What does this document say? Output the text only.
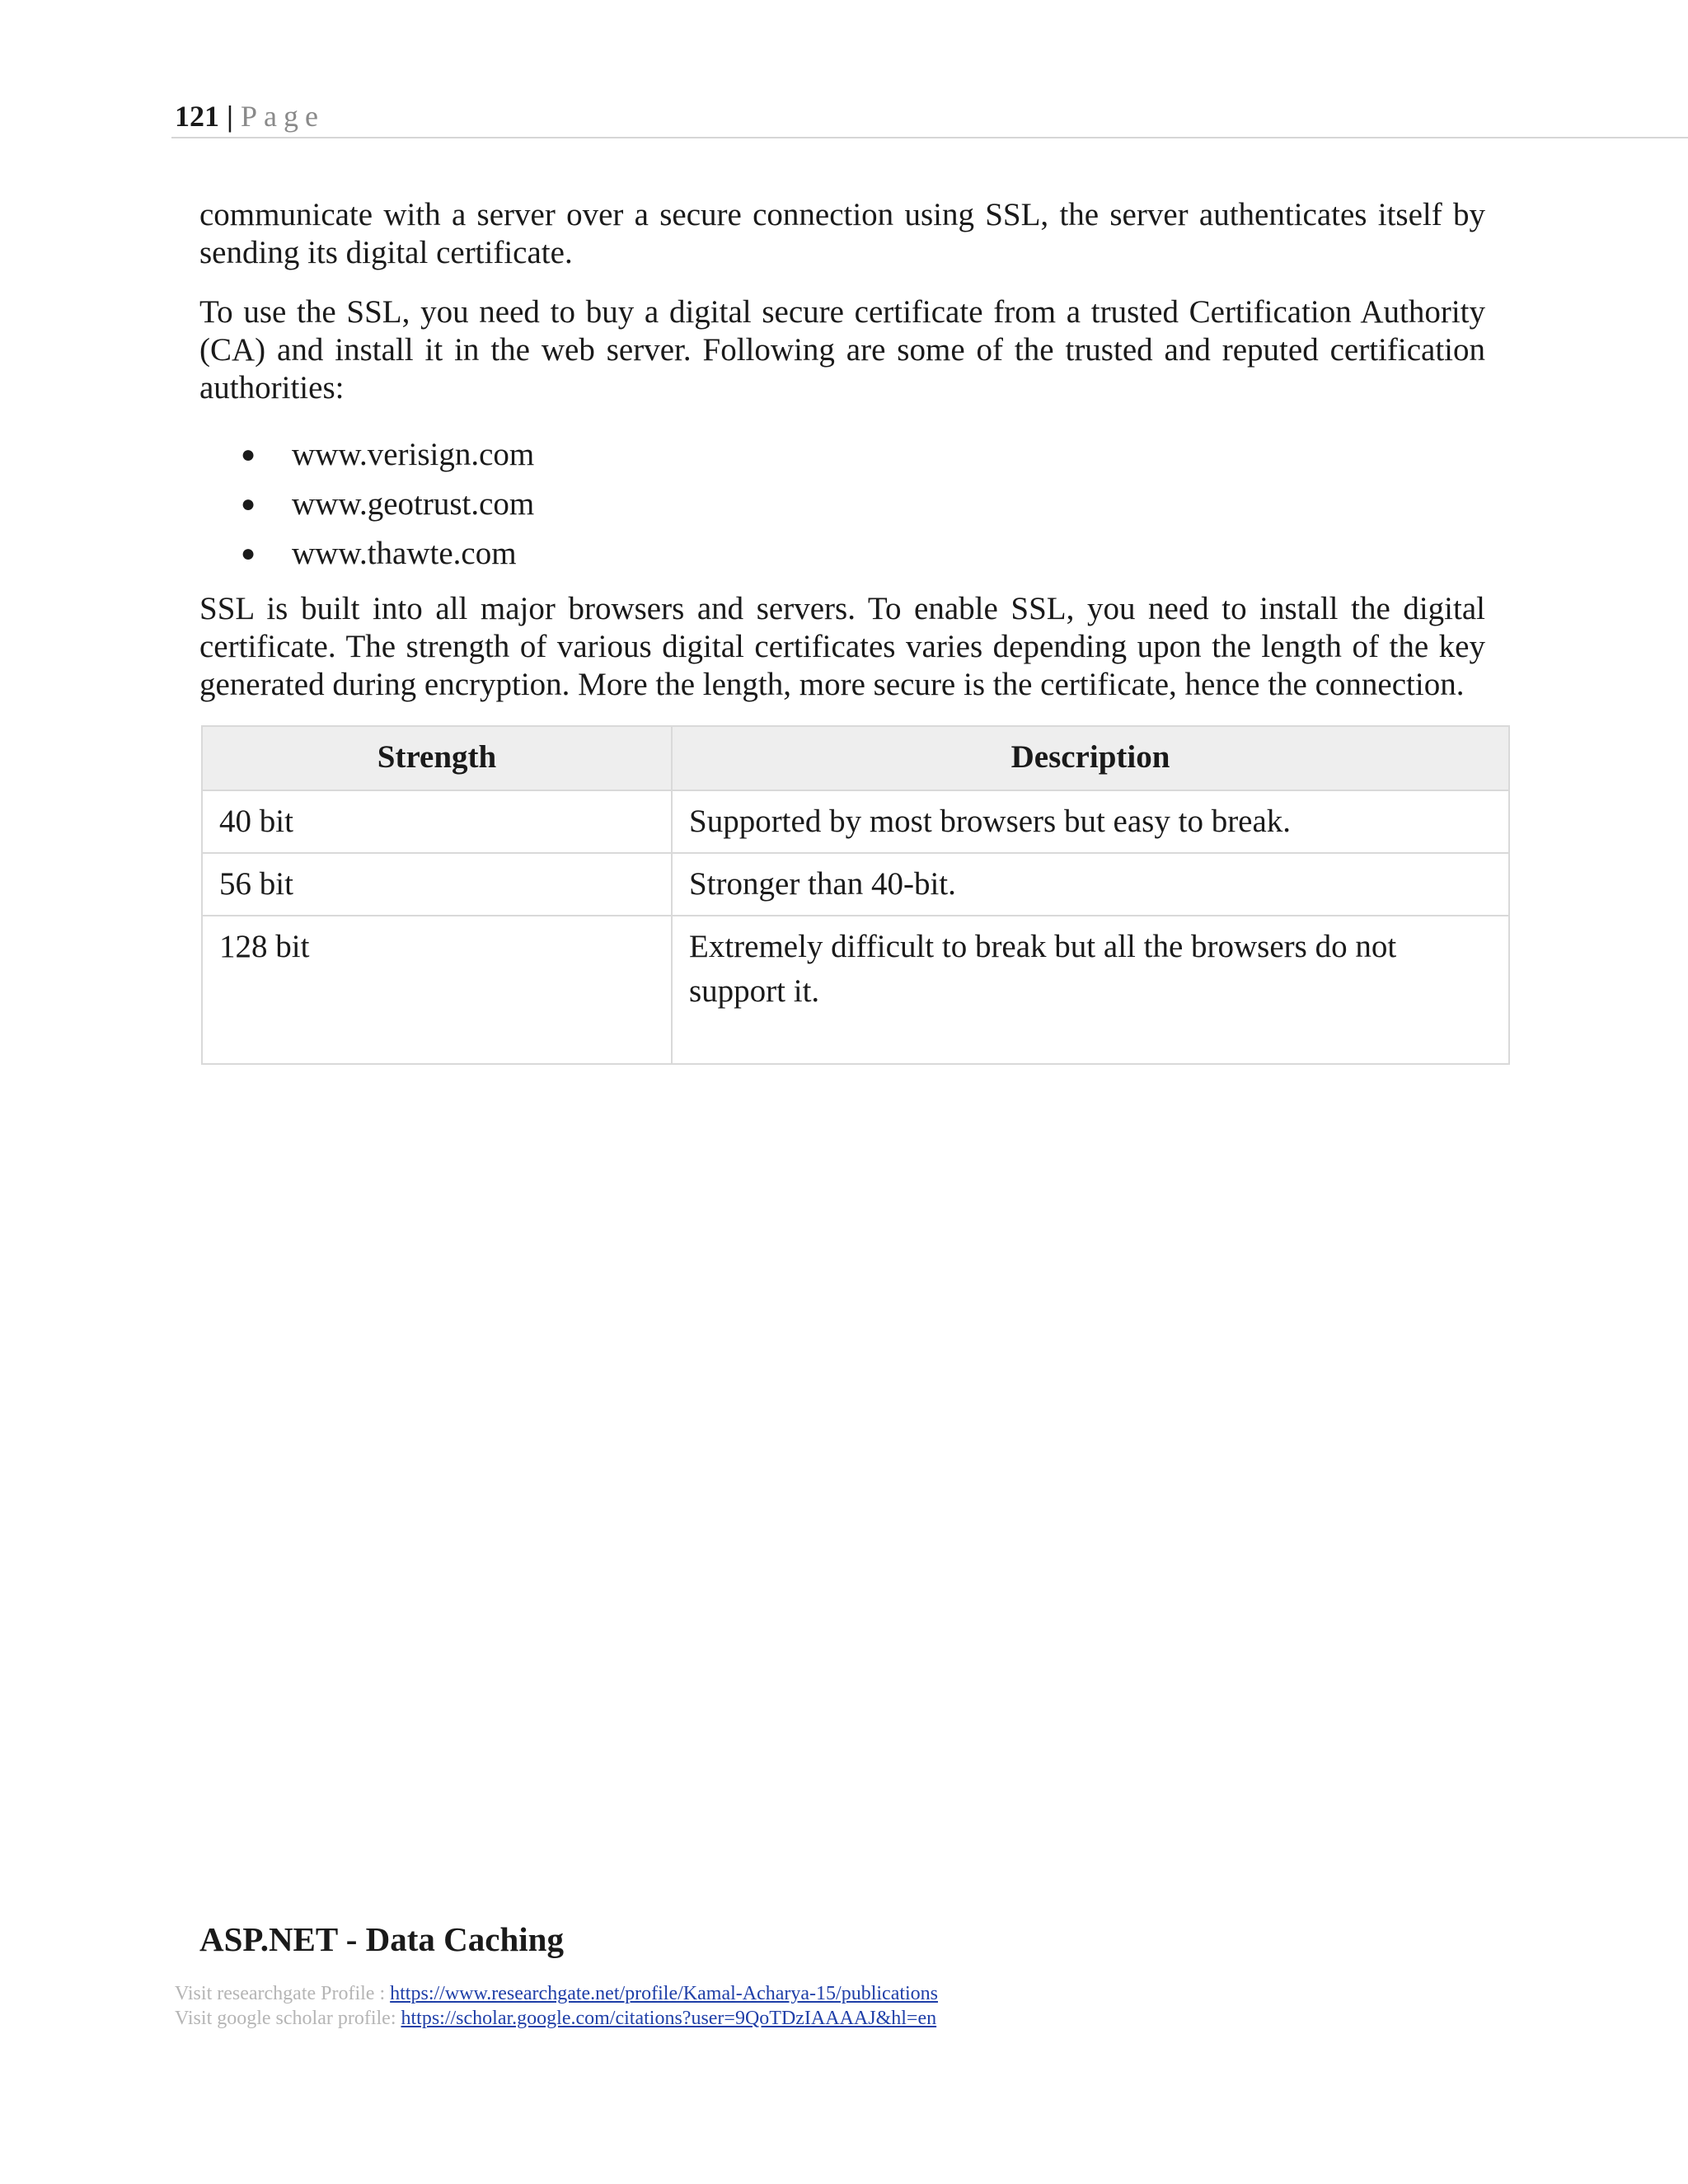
121 | Page

communicate with a server over a secure connection using SSL, the server authenticates itself by sending its digital certificate.

To use the SSL, you need to buy a digital secure certificate from a trusted Certification Authority (CA) and install it in the web server. Following are some of the trusted and reputed certification authorities:

● www.verisign.com
● www.geotrust.com
● www.thawte.com

SSL is built into all major browsers and servers. To enable SSL, you need to install the digital certificate. The strength of various digital certificates varies depending upon the length of the key generated during encryption. More the length, more secure is the certificate, hence the connection.

Strength	Description
40 bit	Supported by most browsers but easy to break.
56 bit	Stronger than 40-bit.
128 bit	Extremely difficult to break but all the browsers do not support it.
ASP.NET - Data Caching
Visit researchgate Profile : https://www.researchgate.net/profile/Kamal-Acharya-15/publications
Visit google scholar profile: https://scholar.google.com/citations?user=9QoTDzIAAAAJ&hl=en
